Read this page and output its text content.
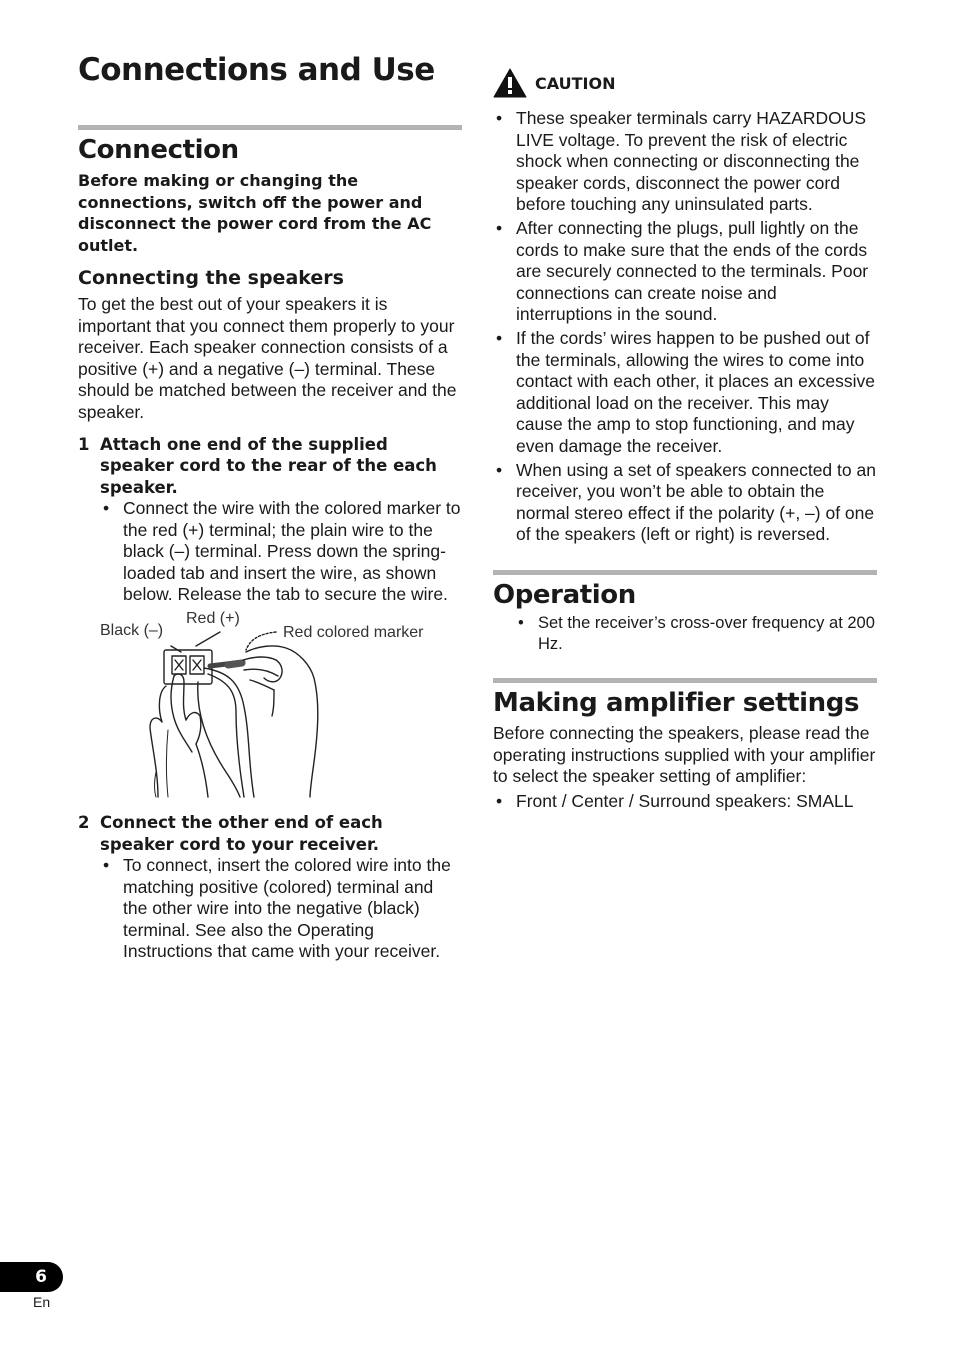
Connections and Use
Connection

Before making or changing the connections, switch off the power and disconnect the power cord from the AC outlet.

Connecting the speakers

To get the best out of your speakers it is important that you connect them properly to your receiver. Each speaker connection consists of a positive (+) and a negative (–) terminal. These should be matched between the receiver and the speaker.

1 Attach one end of the supplied speaker cord to the rear of the each speaker.
• Connect the wire with the colored marker to the red (+) terminal; the plain wire to the black (–) terminal. Press down the spring-loaded tab and insert the wire, as shown below. Release the tab to secure the wire.
Black (–)
Red (+)
Red colored marker
2 Connect the other end of each speaker cord to your receiver.
• To connect, insert the colored wire into the matching positive (colored) terminal and the other wire into the negative (black) terminal. See also the Operating Instructions that came with your receiver.
CAUTION
• These speaker terminals carry HAZARDOUS LIVE voltage. To prevent the risk of electric shock when connecting or disconnecting the speaker cords, disconnect the power cord before touching any uninsulated parts.
• After connecting the plugs, pull lightly on the cords to make sure that the ends of the cords are securely connected to the terminals. Poor connections can create noise and interruptions in the sound.
• If the cords’ wires happen to be pushed out of the terminals, allowing the wires to come into contact with each other, it places an excessive additional load on the receiver. This may cause the amp to stop functioning, and may even damage the receiver.
• When using a set of speakers connected to an receiver, you won’t be able to obtain the normal stereo effect if the polarity (+, –) of one of the speakers (left or right) is reversed.
Operation
• Set the receiver’s cross-over frequency at 200 Hz.
Making amplifier settings

Before connecting the speakers, please read the operating instructions supplied with your amplifier to select the speaker setting of amplifier:

• Front / Center / Surround speakers: SMALL
6
En
